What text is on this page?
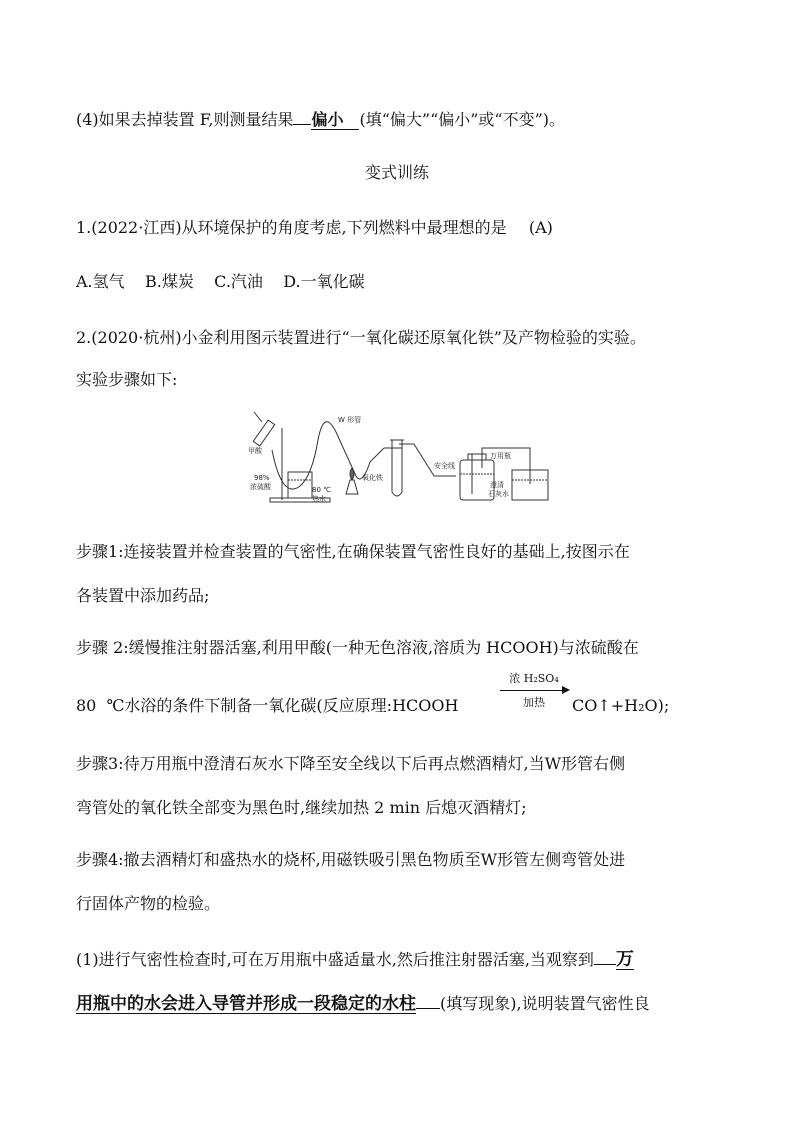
(4)如果去掉装置 F,则测量结果 偏小 (填“偏大”“偏小”或“不变”)。
变式训练
1.(2022·江西)从环境保护的角度考虑,下列燃料中最理想的是 (A)
A.氢气    B.煤炭    C.汽油    D.一氧化碳
2.(2020·杭州)小金利用图示装置进行“一氧化碳还原氧化铁”及产物检验的实验。
实验步骤如下:
甲酸
W 形管
98%
浓硫酸	80 ℃
热水
氧化铁
安全线
万用瓶
澄清
石灰水
步骤1:连接装置并检查装置的气密性,在确保装置气密性良好的基础上,按图示在
各装置中添加药品;
步骤 2:缓慢推注射器活塞,利用甲酸(一种无色溶液,溶质为 HCOOH)与浓硫酸在
80  ℃水浴的条件下制备一氧化碳(反应原理:HCOOH
浓 H₂SO₄
加热	CO↑+H₂O);
步骤3:待万用瓶中澄清石灰水下降至安全线以下后再点燃酒精灯,当W形管右侧
弯管处的氧化铁全部变为黑色时,继续加热 2 min 后熄灭酒精灯;
步骤4:撤去酒精灯和盛热水的烧杯,用磁铁吸引黑色物质至W形管左侧弯管处进
行固体产物的检验。
(1)进行气密性检查时,可在万用瓶中盛适量水,然后推注射器活塞,当观察到 万
用瓶中的水会进入导管并形成一段稳定的水柱 (填写现象),说明装置气密性良
